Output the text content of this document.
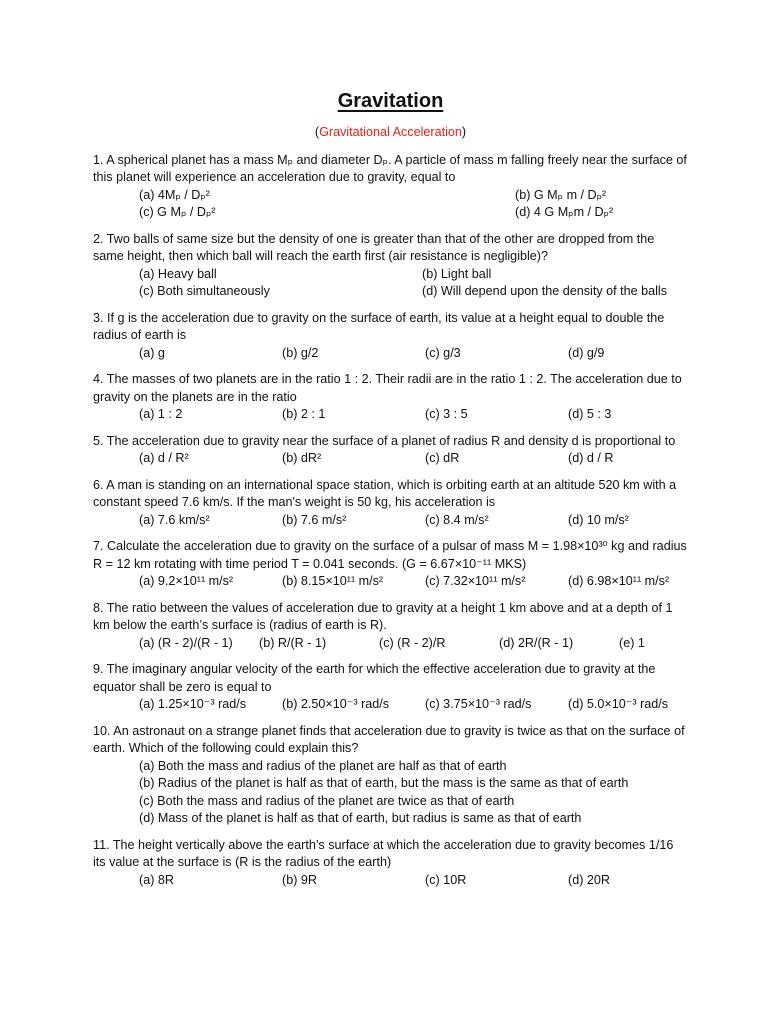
Gravitation
(Gravitational Acceleration)

1. A spherical planet has a mass Mₚ and diameter Dₚ. A particle of mass m falling freely near the surface of this planet will experience an acceleration due to gravity, equal to

(a) 4Mₚ / Dₚ²	(b) G Mₚ m / Dₚ²
(c) G Mₚ / Dₚ²	(d) 4 G Mₚm / Dₚ²

2. Two balls of same size but the density of one is greater than that of the other are dropped from the same height, then which ball will reach the earth first (air resistance is negligible)?

(a) Heavy ball	(b) Light ball
(c) Both simultaneously	(d) Will depend upon the density of the balls

3. If g is the acceleration due to gravity on the surface of earth, its value at a height equal to double the radius of earth is

(a) g	(b) g/2	(c) g/3	(d) g/9

4. The masses of two planets are in the ratio 1 : 2. Their radii are in the ratio 1 : 2. The acceleration due to gravity on the planets are in the ratio

(a) 1 : 2	(b) 2 : 1	(c) 3 : 5	(d) 5 : 3

5. The acceleration due to gravity near the surface of a planet of radius R and density d is proportional to

(a) d / R²	(b) dR²	(c) dR	(d) d / R

6. A man is standing on an international space station, which is orbiting earth at an altitude 520 km with a constant speed 7.6 km/s. If the man's weight is 50 kg, his acceleration is

(a) 7.6 km/s²	(b) 7.6 m/s²	(c) 8.4 m/s²	(d) 10 m/s²

7. Calculate the acceleration due to gravity on the surface of a pulsar of mass M = 1.98×10³⁰ kg and radius R = 12 km rotating with time period T = 0.041 seconds. (G = 6.67×10⁻¹¹ MKS)

(a) 9.2×10¹¹ m/s²	(b) 8.15×10¹¹ m/s²	(c) 7.32×10¹¹ m/s²	(d) 6.98×10¹¹ m/s²

8. The ratio between the values of acceleration due to gravity at a height 1 km above and at a depth of 1 km below the earth’s surface is (radius of earth is R).

(a) (R - 2)/(R - 1)	(b) R/(R - 1)	(c) (R - 2)/R	(d) 2R/(R - 1)	(e) 1

9. The imaginary angular velocity of the earth for which the effective acceleration due to gravity at the equator shall be zero is equal to

(a) 1.25×10⁻³ rad/s	(b) 2.50×10⁻³ rad/s	(c) 3.75×10⁻³ rad/s	(d) 5.0×10⁻³ rad/s

10. An astronaut on a strange planet finds that acceleration due to gravity is twice as that on the surface of earth. Which of the following could explain this?

(a) Both the mass and radius of the planet are half as that of earth
(b) Radius of the planet is half as that of earth, but the mass is the same as that of earth
(c) Both the mass and radius of the planet are twice as that of earth
(d) Mass of the planet is half as that of earth, but radius is same as that of earth

11. The height vertically above the earth’s surface at which the acceleration due to gravity becomes 1/16 its value at the surface is (R is the radius of the earth)

(a) 8R	(b) 9R	(c) 10R	(d) 20R
